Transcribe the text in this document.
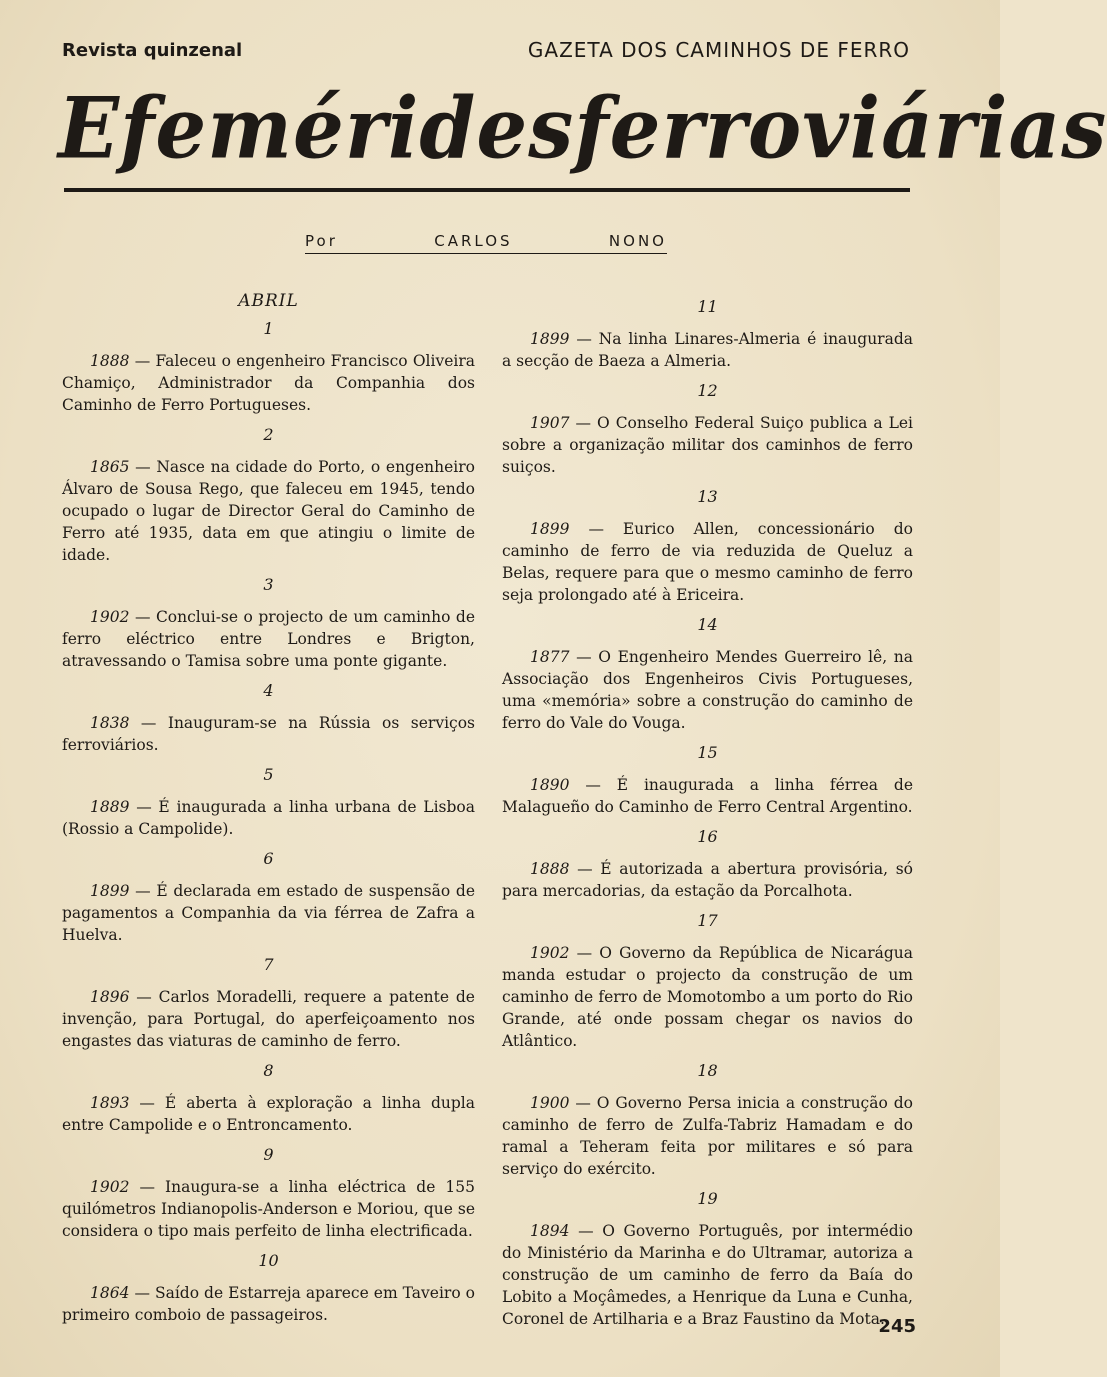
Revista quinzenal	GAZETA DOS CAMINHOS DE FERRO
Efemérides ferroviárias
Por	CARLOS	NONO
ABRIL
1

1888 — Faleceu o engenheiro Francisco Oliveira Chamiço, Administrador da Companhia dos Caminho de Ferro Portugueses.

2

1865 — Nasce na cidade do Porto, o engenheiro Álvaro de Sousa Rego, que faleceu em 1945, tendo ocupado o lugar de Director Geral do Caminho de Ferro até 1935, data em que atingiu o limite de idade.

3

1902 — Conclui-se o projecto de um caminho de ferro eléctrico entre Londres e Brigton, atravessando o Tamisa sobre uma ponte gigante.

4

1838 — Inauguram-se na Rússia os serviços ferroviários.

5

1889 — É inaugurada a linha urbana de Lisboa (Rossio a Campolide).

6

1899 — É declarada em estado de suspensão de pagamentos a Companhia da via férrea de Zafra a Huelva.

7

1896 — Carlos Moradelli, requere a patente de invenção, para Portugal, do aperfeiçoamento nos engastes das viaturas de caminho de ferro.

8

1893 — É aberta à exploração a linha dupla entre Campolide e o Entroncamento.

9

1902 — Inaugura-se a linha eléctrica de 155 quilómetros Indianopolis-Anderson e Moriou, que se considera o tipo mais perfeito de linha electrificada.

10

1864 — Saído de Estarreja aparece em Taveiro o primeiro comboio de passageiros.

11

1899 — Na linha Linares-Almeria é inaugurada a secção de Baeza a Almeria.

12

1907 — O Conselho Federal Suiço publica a Lei sobre a organização militar dos caminhos de ferro suiços.

13

1899 — Eurico Allen, concessionário do caminho de ferro de via reduzida de Queluz a Belas, requere para que o mesmo caminho de ferro seja prolongado até à Ericeira.

14

1877 — O Engenheiro Mendes Guerreiro lê, na Associação dos Engenheiros Civis Portugueses, uma «memória» sobre a construção do caminho de ferro do Vale do Vouga.

15

1890 — É inaugurada a linha férrea de Malagueño do Caminho de Ferro Central Argentino.

16

1888 — É autorizada a abertura provisória, só para mercadorias, da estação da Porcalhota.

17

1902 — O Governo da República de Nicarágua manda estudar o projecto da construção de um caminho de ferro de Momotombo a um porto do Rio Grande, até onde possam chegar os navios do Atlântico.

18

1900 — O Governo Persa inicia a construção do caminho de ferro de Zulfa-Tabriz Hamadam e do ramal a Teheram feita por militares e só para serviço do exército.

19

1894 — O Governo Português, por intermédio do Ministério da Marinha e do Ultramar, autoriza a construção de um caminho de ferro da Baía do Lobito a Moçâmedes, a Henrique da Luna e Cunha, Coronel de Artilharia e a Braz Faustino da Mota.

245
